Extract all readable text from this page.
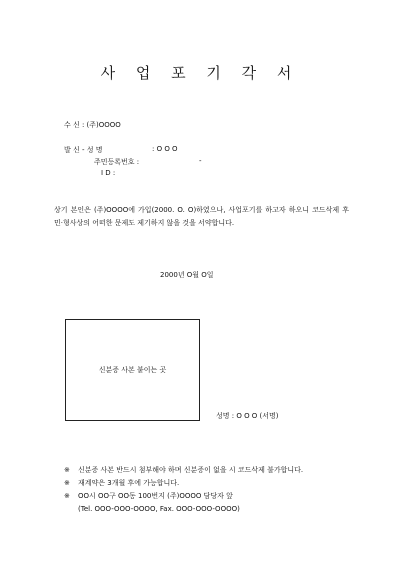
사 업 포 기 각 서
수 신 : (주)OOOO
발 신 - 성 명	: O O O
주민등록번호 :	-
I D :
상기 본인은 (주)OOOO에 가입(2000. O. O)하였으나, 사업포기를 하고자 하오니 코드삭제 후 민·형사상의 어떠한 문제도 제기하지 않을 것을 서약합니다.
2000년 O월 O일
신분증 사본 붙이는 곳
성명 : O O O (서명)
※ 신분증 사본 반드시 첨부해야 하며 신분증이 없을 시 코드삭제 불가합니다.
※ 재계약은 3개월 후에 가능합니다.
※ OO시 OO구 OO동 100번지 (주)OOOO 담당자 앞
(Tel. OOO-OOO-OOOO, Fax. OOO-OOO-OOOO)
